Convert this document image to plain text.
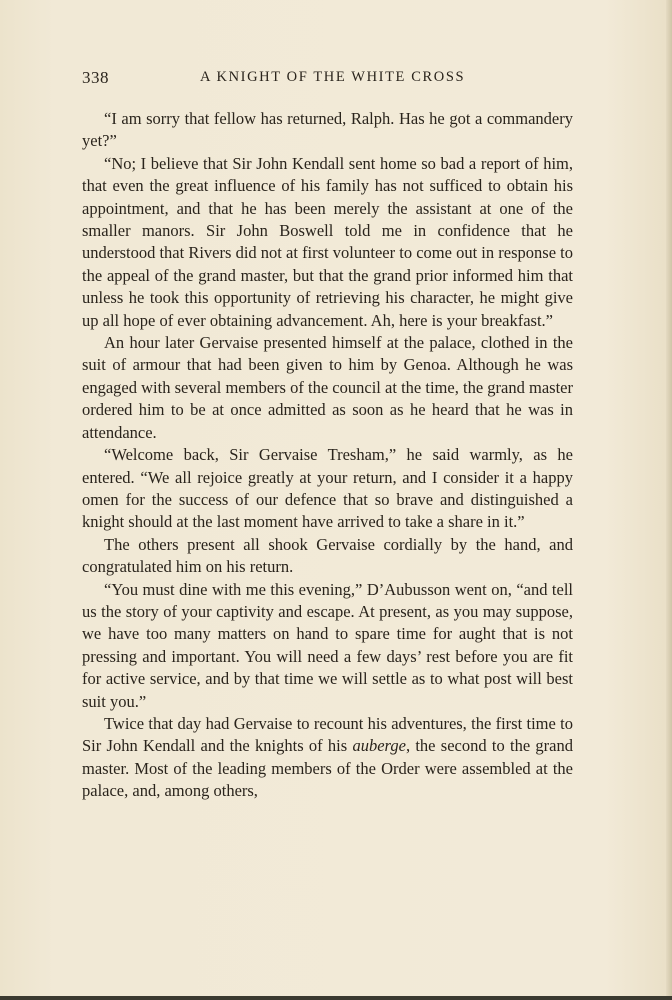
338	A KNIGHT OF THE WHITE CROSS

“I am sorry that fellow has returned, Ralph. Has he got a commandery yet?”

“No; I believe that Sir John Kendall sent home so bad a report of him, that even the great influence of his family has not sufficed to obtain his appointment, and that he has been merely the assistant at one of the smaller manors. Sir John Boswell told me in confidence that he understood that Rivers did not at first volunteer to come out in response to the appeal of the grand master, but that the grand prior informed him that unless he took this opportunity of retrieving his character, he might give up all hope of ever obtaining advancement. Ah, here is your breakfast.”

An hour later Gervaise presented himself at the palace, clothed in the suit of armour that had been given to him by Genoa. Although he was engaged with several members of the council at the time, the grand master ordered him to be at once admitted as soon as he heard that he was in attendance.

“Welcome back, Sir Gervaise Tresham,” he said warmly, as he entered. “We all rejoice greatly at your return, and I consider it a happy omen for the success of our defence that so brave and distinguished a knight should at the last moment have arrived to take a share in it.”

The others present all shook Gervaise cordially by the hand, and congratulated him on his return.

“You must dine with me this evening,” D’Aubusson went on, “and tell us the story of your captivity and escape. At present, as you may suppose, we have too many matters on hand to spare time for aught that is not pressing and important. You will need a few days’ rest before you are fit for active service, and by that time we will settle as to what post will best suit you.”

Twice that day had Gervaise to recount his adventures, the first time to Sir John Kendall and the knights of his auberge, the second to the grand master. Most of the leading members of the Order were assembled at the palace, and, among others,
